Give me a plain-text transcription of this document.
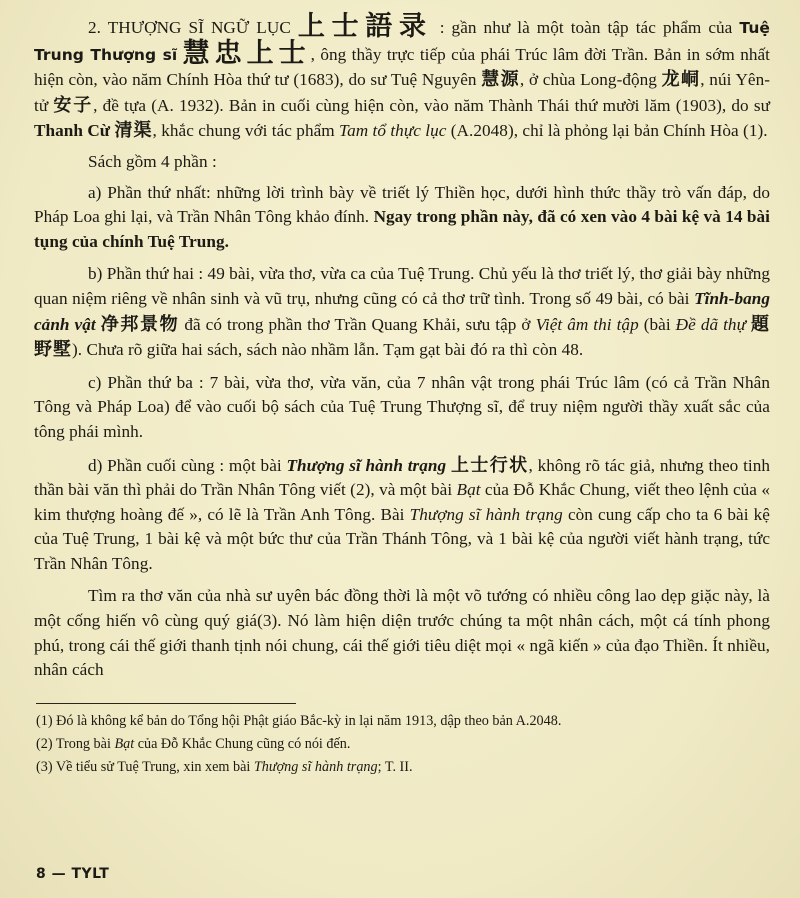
2. THƯỢNG SĨ NGỮ LỤC 上士語录 : gần như là một toàn tập tác phẩm của Tuệ Trung Thượng sĩ 慧忠上士, ông thầy trực tiếp của phái Trúc lâm đời Trần. Bản in sớm nhất hiện còn, vào năm Chính Hòa thứ tư (1683), do sư Tuệ Nguyên 慧源, ở chùa Long-động 龙峒, núi Yên-tử 安子, đề tựa (A. 1932). Bản in cuối cùng hiện còn, vào năm Thành Thái thứ mười lăm (1903), do sư Thanh Cừ 清渠, khắc chung với tác phẩm Tam tổ thực lục (A.2048), chỉ là phỏng lại bản Chính Hòa (1).

Sách gồm 4 phần :

a) Phần thứ nhất: những lời trình bày về triết lý Thiền học, dưới hình thức thầy trò vấn đáp, do Pháp Loa ghi lại, và Trần Nhân Tông khảo đính. Ngay trong phần này, đã có xen vào 4 bài kệ và 14 bài tụng của chính Tuệ Trung.

b) Phần thứ hai : 49 bài, vừa thơ, vừa ca của Tuệ Trung. Chủ yếu là thơ triết lý, thơ giải bày những quan niệm riêng về nhân sinh và vũ trụ, nhưng cũng có cả thơ trữ tình. Trong số 49 bài, có bài Tĩnh-bang cảnh vật 净邦景物 đã có trong phần thơ Trần Quang Khải, sưu tập ở Việt âm thi tập (bài Đề dã thự 題野墅). Chưa rõ giữa hai sách, sách nào nhầm lẫn. Tạm gạt bài đó ra thì còn 48.

c) Phần thứ ba : 7 bài, vừa thơ, vừa văn, của 7 nhân vật trong phái Trúc lâm (có cả Trần Nhân Tông và Pháp Loa) để vào cuối bộ sách của Tuệ Trung Thượng sĩ, để truy niệm người thầy xuất sắc của tông phái mình.

d) Phần cuối cùng : một bài Thượng sĩ hành trạng 上士行状, không rõ tác giả, nhưng theo tinh thần bài văn thì phải do Trần Nhân Tông viết (2), và một bài Bạt của Đỗ Khắc Chung, viết theo lệnh của « kim thượng hoàng đế », có lẽ là Trần Anh Tông. Bài Thượng sĩ hành trạng còn cung cấp cho ta 6 bài kệ của Tuệ Trung, 1 bài kệ và một bức thư của Trần Thánh Tông, và 1 bài kệ của người viết hành trạng, tức Trần Nhân Tông.

Tìm ra thơ văn của nhà sư uyên bác đồng thời là một võ tướng có nhiều công lao dẹp giặc này, là một cống hiến vô cùng quý giá(3). Nó làm hiện diện trước chúng ta một nhân cách, một cá tính phong phú, trong cái thế giới thanh tịnh nói chung, cái thế giới tiêu diệt mọi « ngã kiến » của đạo Thiền. Ít nhiều, nhân cách

(1) Đó là không kể bản do Tổng hội Phật giáo Bắc-kỳ in lại năm 1913, dập theo bản A.2048.

(2) Trong bài Bạt của Đỗ Khắc Chung cũng có nói đến.

(3) Về tiểu sử Tuệ Trung, xin xem bài Thượng sĩ hành trạng; T. II.

8 — TYLT
